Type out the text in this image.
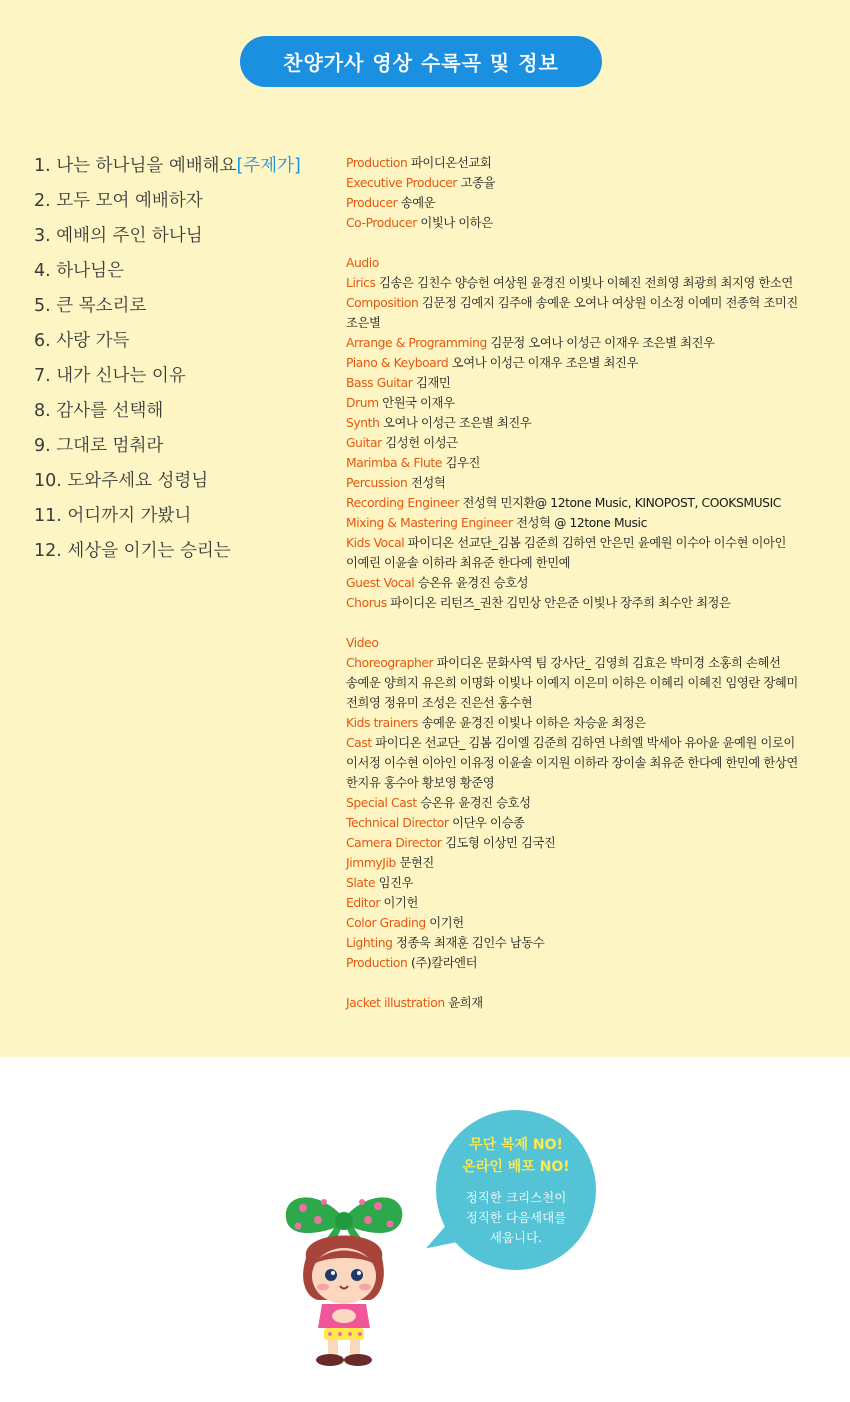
찬양가사 영상 수록곡 및 정보
1. 나는 하나님을 예배해요[주제가]
2. 모두 모여 예배하자
3. 예배의 주인 하나님
4. 하나님은
5. 큰 목소리로
6. 사랑 가득
7. 내가 신나는 이유
8. 감사를 선택해
9. 그대로 멈춰라
10. 도와주세요 성령님
11. 어디까지 가봤니
12. 세상을 이기는 승리는
Production 파이디온선교회
Executive Producer 고종율
Producer 송예운
Co-Producer 이빛나 이하은
Audio
Lirics 김송은 김친수 양승헌 여상원 윤경진 이빛나 이혜진 전희영 최광희 최지영 한소연
Composition 김문정 김예지 김주애 송예운 오여나 여상원 이소정 이예미 전종혁 조미진
조은별
Arrange & Programming 김문정 오여나 이성근 이재우 조은별 최진우
Piano & Keyboard 오여나 이성근 이재우 조은별 최진우
Bass Guitar 김재민
Drum 안원국 이재우
Synth 오여나 이성근 조은별 최진우
Guitar 김성헌 이성근
Marimba & Flute 김우진
Percussion 전성혁
Recording Engineer 전성혁 민지환@ 12tone Music, KINOPOST, COOKSMUSIC
Mixing & Mastering Engineer 전성혁 @ 12tone Music
Kids Vocal 파이디온 선교단_김봄 김준희 김하연 안은민 윤예원 이수아 이수현 이아인
이예린 이윤솔 이하라 최유준 한다예 한민예
Guest Vocal 승온유 윤경진 승호성
Chorus 파이디온 리턴즈_권찬 김민상 안은준 이빛나 장주희 최수안 최정은
Video
Choreographer 파이디온 문화사역 팀 강사단_ 김영희 김효은 박미경 소홍희 손혜선
송예운 양희지 유은희 이명화 이빛나 이예지 이은미 이하은 이혜리 이혜진 임영란 장혜미
전희영 정유미 조성은 진은선 홍수현
Kids trainers 송예운 윤경진 이빛나 이하은 차승윤 최정은
Cast 파이디온 선교단_ 김봄 김이엘 김준희 김하연 나희엘 박세아 유아윤 윤예원 이로이
이서정 이수현 이아인 이유정 이윤솔 이지원 이하라 장이솔 최유준 한다예 한민예 한상연
한지유 홍수아 황보영 황준영
Special Cast 승온유 윤경진 승호성
Technical Director 이단우 이승종
Camera Director 김도형 이상민 김국진
JimmyJib 문현진
Slate 임진우
Editor 이기헌
Color Grading 이기헌
Lighting 정종욱 최재훈 김인수 남동수
Production (주)칼라엔터
Jacket illustration 윤희재
무단 복제 NO!
온라인 배포 NO!
정직한 크리스천이
정직한 다음세대를
세웁니다.
